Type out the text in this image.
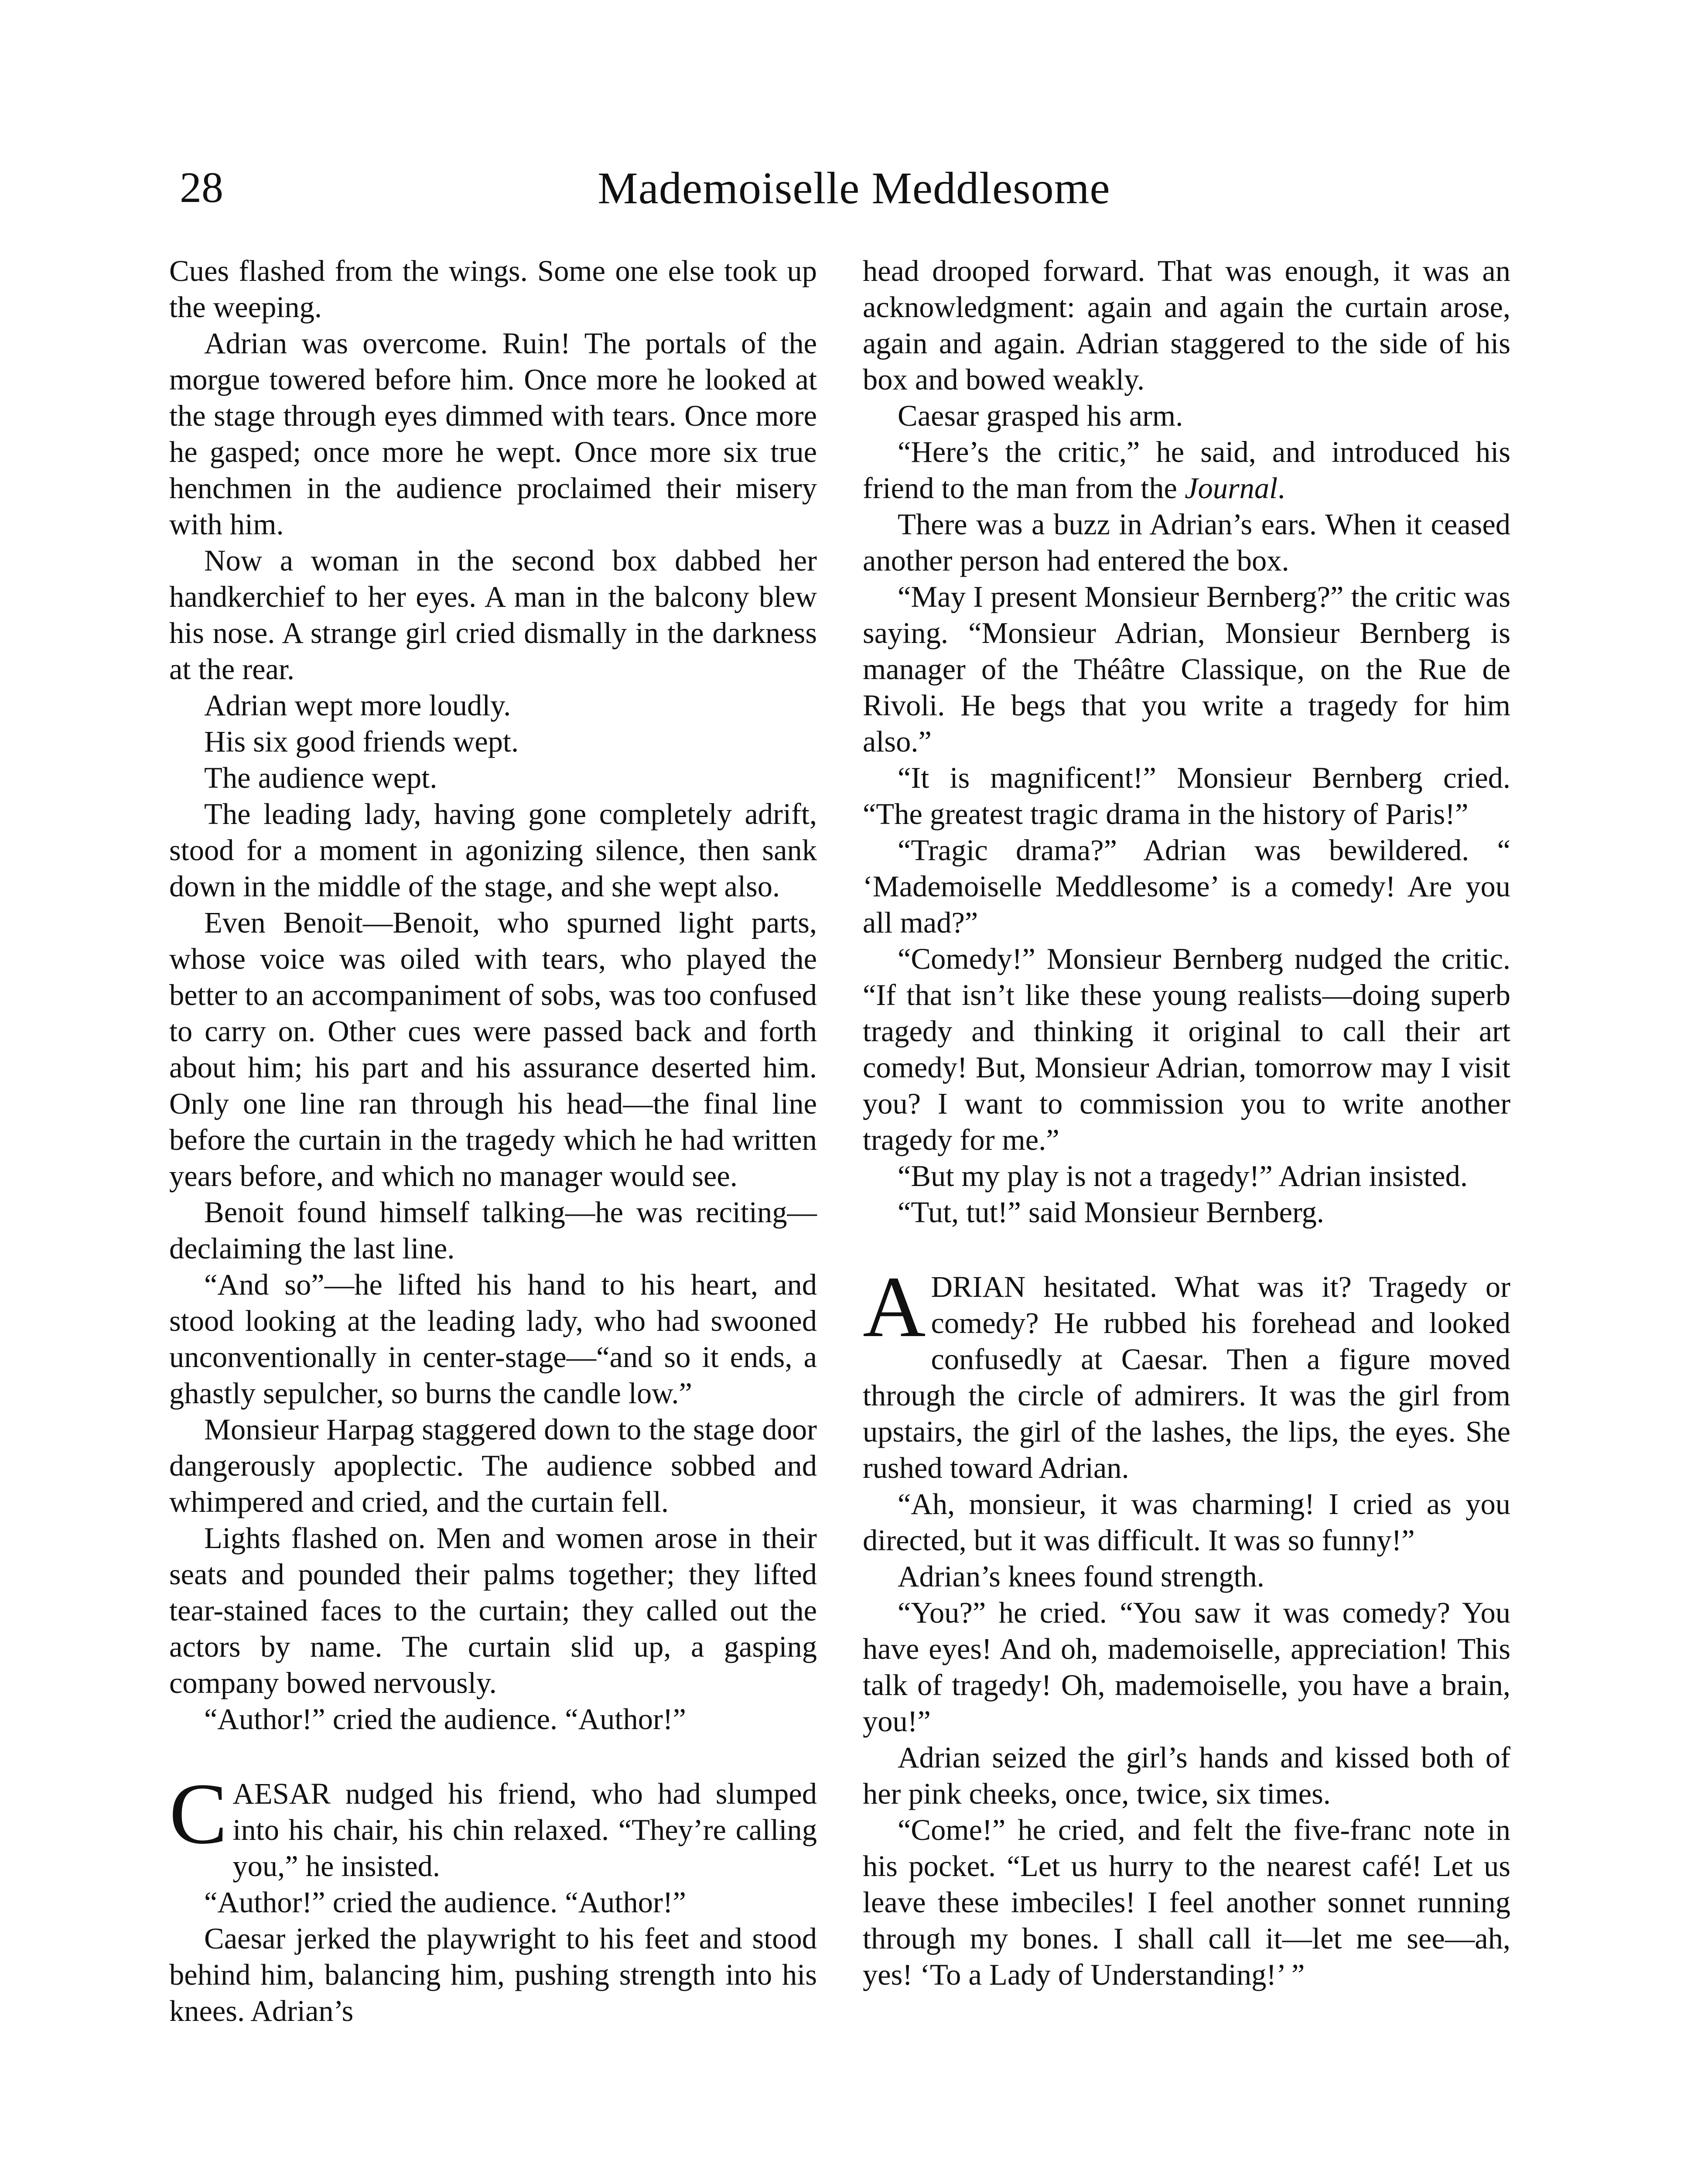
28	Mademoiselle Meddlesome

Cues flashed from the wings. Some one else took up the weeping.

Adrian was overcome. Ruin! The portals of the morgue towered before him. Once more he looked at the stage through eyes dimmed with tears. Once more he gasped; once more he wept. Once more six true henchmen in the audience proclaimed their misery with him.

Now a woman in the second box dabbed her handkerchief to her eyes. A man in the balcony blew his nose. A strange girl cried dismally in the darkness at the rear.

Adrian wept more loudly.

His six good friends wept.

The audience wept.

The leading lady, having gone completely adrift, stood for a moment in agonizing silence, then sank down in the middle of the stage, and she wept also.

Even Benoit—Benoit, who spurned light parts, whose voice was oiled with tears, who played the better to an accompaniment of sobs, was too confused to carry on. Other cues were passed back and forth about him; his part and his assurance deserted him. Only one line ran through his head—the final line before the curtain in the tragedy which he had written years before, and which no manager would see.

Benoit found himself talking—he was reciting—declaiming the last line.

“And so”—he lifted his hand to his heart, and stood looking at the leading lady, who had swooned unconventionally in center-stage—“and so it ends, a ghastly sepulcher, so burns the candle low.”

Monsieur Harpag staggered down to the stage door dangerously apoplectic. The audience sobbed and whimpered and cried, and the curtain fell.

Lights flashed on. Men and women arose in their seats and pounded their palms together; they lifted tear-stained faces to the curtain; they called out the actors by name. The curtain slid up, a gasping company bowed nervously.

“Author!” cried the audience. “Author!”

C AESAR nudged his friend, who had slumped into his chair, his chin relaxed. “They’re calling you,” he insisted.

“Author!” cried the audience. “Author!”

Caesar jerked the playwright to his feet and stood behind him, balancing him, pushing strength into his knees. Adrian’s

head drooped forward. That was enough, it was an acknowledgment: again and again the curtain arose, again and again. Adrian staggered to the side of his box and bowed weakly.

Caesar grasped his arm.

“Here’s the critic,” he said, and introduced his friend to the man from the Journal.

There was a buzz in Adrian’s ears. When it ceased another person had entered the box.

“May I present Monsieur Bernberg?” the critic was saying. “Monsieur Adrian, Monsieur Bernberg is manager of the Théâtre Classique, on the Rue de Rivoli. He begs that you write a tragedy for him also.”

“It is magnificent!” Monsieur Bernberg cried. “The greatest tragic drama in the history of Paris!”

“Tragic drama?” Adrian was bewildered. “ ‘Mademoiselle Meddlesome’ is a comedy! Are you all mad?”

“Comedy!” Monsieur Bernberg nudged the critic. “If that isn’t like these young realists—doing superb tragedy and thinking it original to call their art comedy! But, Monsieur Adrian, tomorrow may I visit you? I want to commission you to write another tragedy for me.”

“But my play is not a tragedy!” Adrian insisted.

“Tut, tut!” said Monsieur Bernberg.

A DRIAN hesitated. What was it? Tragedy or comedy? He rubbed his forehead and looked confusedly at Caesar. Then a figure moved through the circle of admirers. It was the girl from upstairs, the girl of the lashes, the lips, the eyes. She rushed toward Adrian.

“Ah, monsieur, it was charming! I cried as you directed, but it was difficult. It was so funny!”

Adrian’s knees found strength.

“You?” he cried. “You saw it was comedy? You have eyes! And oh, mademoiselle, appreciation! This talk of tragedy! Oh, mademoiselle, you have a brain, you!”

Adrian seized the girl’s hands and kissed both of her pink cheeks, once, twice, six times.

“Come!” he cried, and felt the five-franc note in his pocket. “Let us hurry to the nearest café! Let us leave these imbeciles! I feel another sonnet running through my bones. I shall call it—let me see—ah, yes! ‘To a Lady of Understanding!’ ”
